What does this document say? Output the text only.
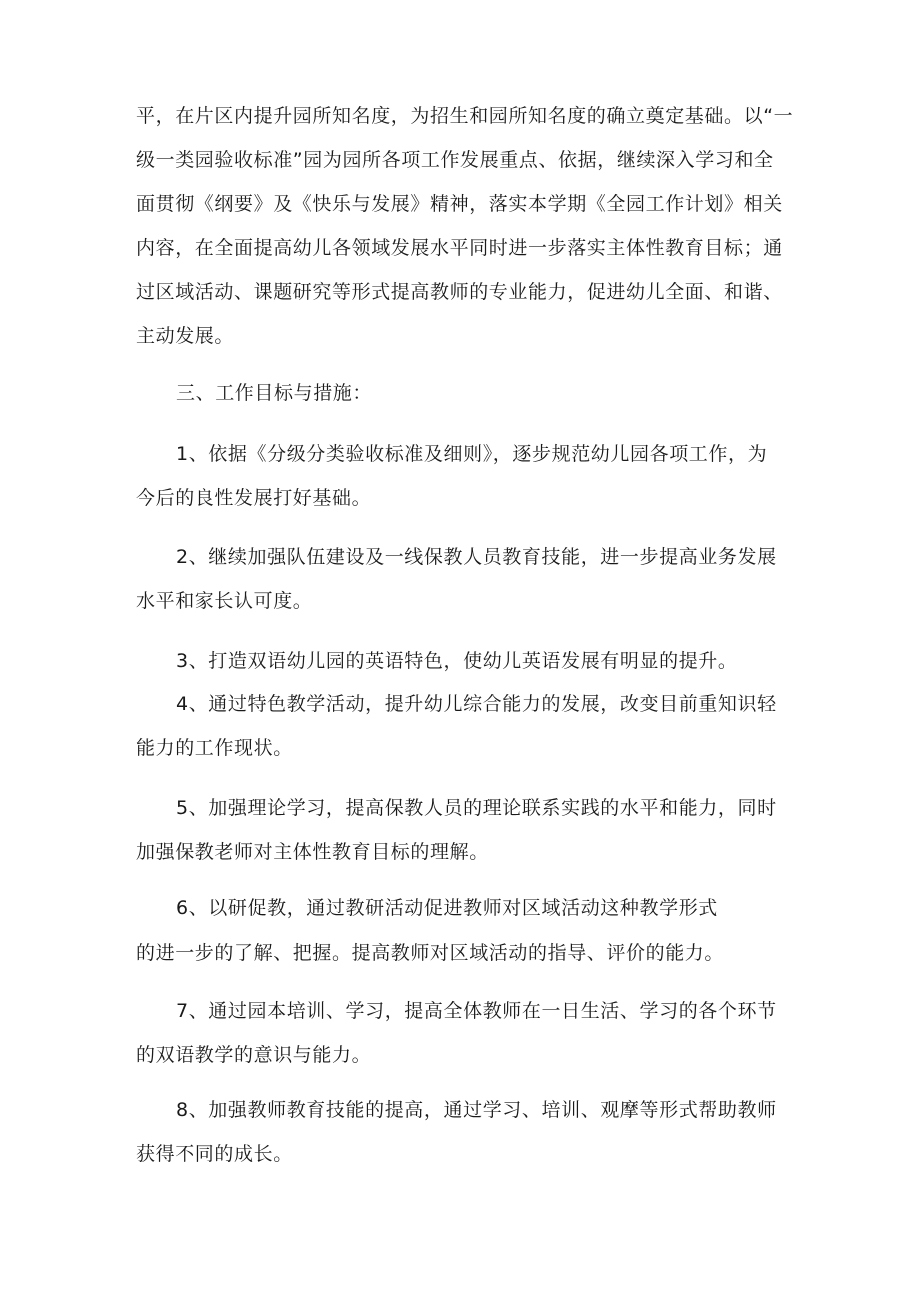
平，在片区内提升园所知名度，为招生和园所知名度的确立奠定基础。以“一
级一类园验收标准”园为园所各项工作发展重点、依据，继续深入学习和全
面贯彻《纲要》及《快乐与发展》精神，落实本学期《全园工作计划》相关
内容，在全面提高幼儿各领域发展水平同时进一步落实主体性教育目标；通
过区域活动、课题研究等形式提高教师的专业能力，促进幼儿全面、和谐、
主动发展。
三、工作目标与措施：
1、依据《分级分类验收标准及细则》，逐步规范幼儿园各项工作，为
今后的良性发展打好基础。
2、继续加强队伍建设及一线保教人员教育技能，进一步提高业务发展
水平和家长认可度。
3、打造双语幼儿园的英语特色，使幼儿英语发展有明显的提升。
4、通过特色教学活动，提升幼儿综合能力的发展，改变目前重知识轻
能力的工作现状。
5、加强理论学习，提高保教人员的理论联系实践的水平和能力，同时
加强保教老师对主体性教育目标的理解。
6、以研促教，通过教研活动促进教师对区域活动这种教学形式
的进一步的了解、把握。提高教师对区域活动的指导、评价的能力。
7、通过园本培训、学习，提高全体教师在一日生活、学习的各个环节
的双语教学的意识与能力。
8、加强教师教育技能的提高，通过学习、培训、观摩等形式帮助教师
获得不同的成长。
